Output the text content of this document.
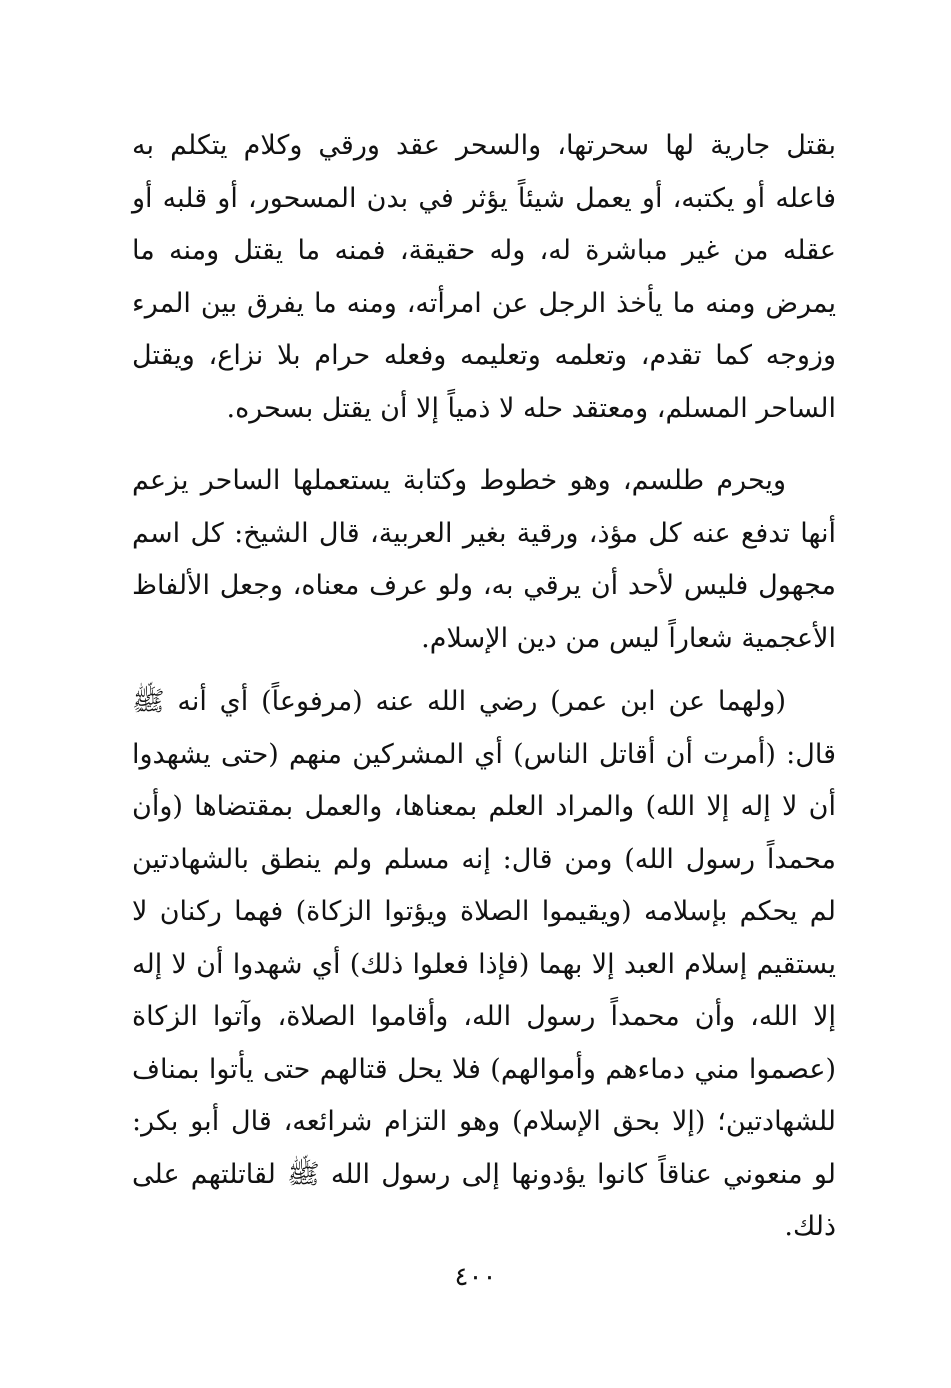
بقتل جارية لها سحرتها، والسحر عقد ورقي وكلام يتكلم به فاعله أو يكتبه، أو يعمل شيئاً يؤثر في بدن المسحور، أو قلبه أو عقله من غير مباشرة له، وله حقيقة، فمنه ما يقتل ومنه ما يمرض ومنه ما يأخذ الرجل عن امرأته، ومنه ما يفرق بين المرء وزوجه كما تقدم، وتعلمه وتعليمه وفعله حرام بلا نزاع، ويقتل الساحر المسلم، ومعتقد حله لا ذمياً إلا أن يقتل بسحره.

ويحرم طلسم، وهو خطوط وكتابة يستعملها الساحر يزعم أنها تدفع عنه كل مؤذ، ورقية بغير العربية، قال الشيخ: كل اسم مجهول فليس لأحد أن يرقي به، ولو عرف معناه، وجعل الألفاظ الأعجمية شعاراً ليس من دين الإسلام.

(ولهما عن ابن عمر) رضي الله عنه (مرفوعاً) أي أنه ﷺ قال: (أمرت أن أقاتل الناس) أي المشركين منهم (حتى يشهدوا أن لا إله إلا الله) والمراد العلم بمعناها، والعمل بمقتضاها (وأن محمداً رسول الله) ومن قال: إنه مسلم ولم ينطق بالشهادتين لم يحكم بإسلامه (ويقيموا الصلاة ويؤتوا الزكاة) فهما ركنان لا يستقيم إسلام العبد إلا بهما (فإذا فعلوا ذلك) أي شهدوا أن لا إله إلا الله، وأن محمداً رسول الله، وأقاموا الصلاة، وآتوا الزكاة (عصموا مني دماءهم وأموالهم) فلا يحل قتالهم حتى يأتوا بمناف للشهادتين؛ (إلا بحق الإسلام) وهو التزام شرائعه، قال أبو بكر: لو منعوني عناقاً كانوا يؤدونها إلى رسول الله ﷺ لقاتلتهم على ذلك.

٤٠٠
